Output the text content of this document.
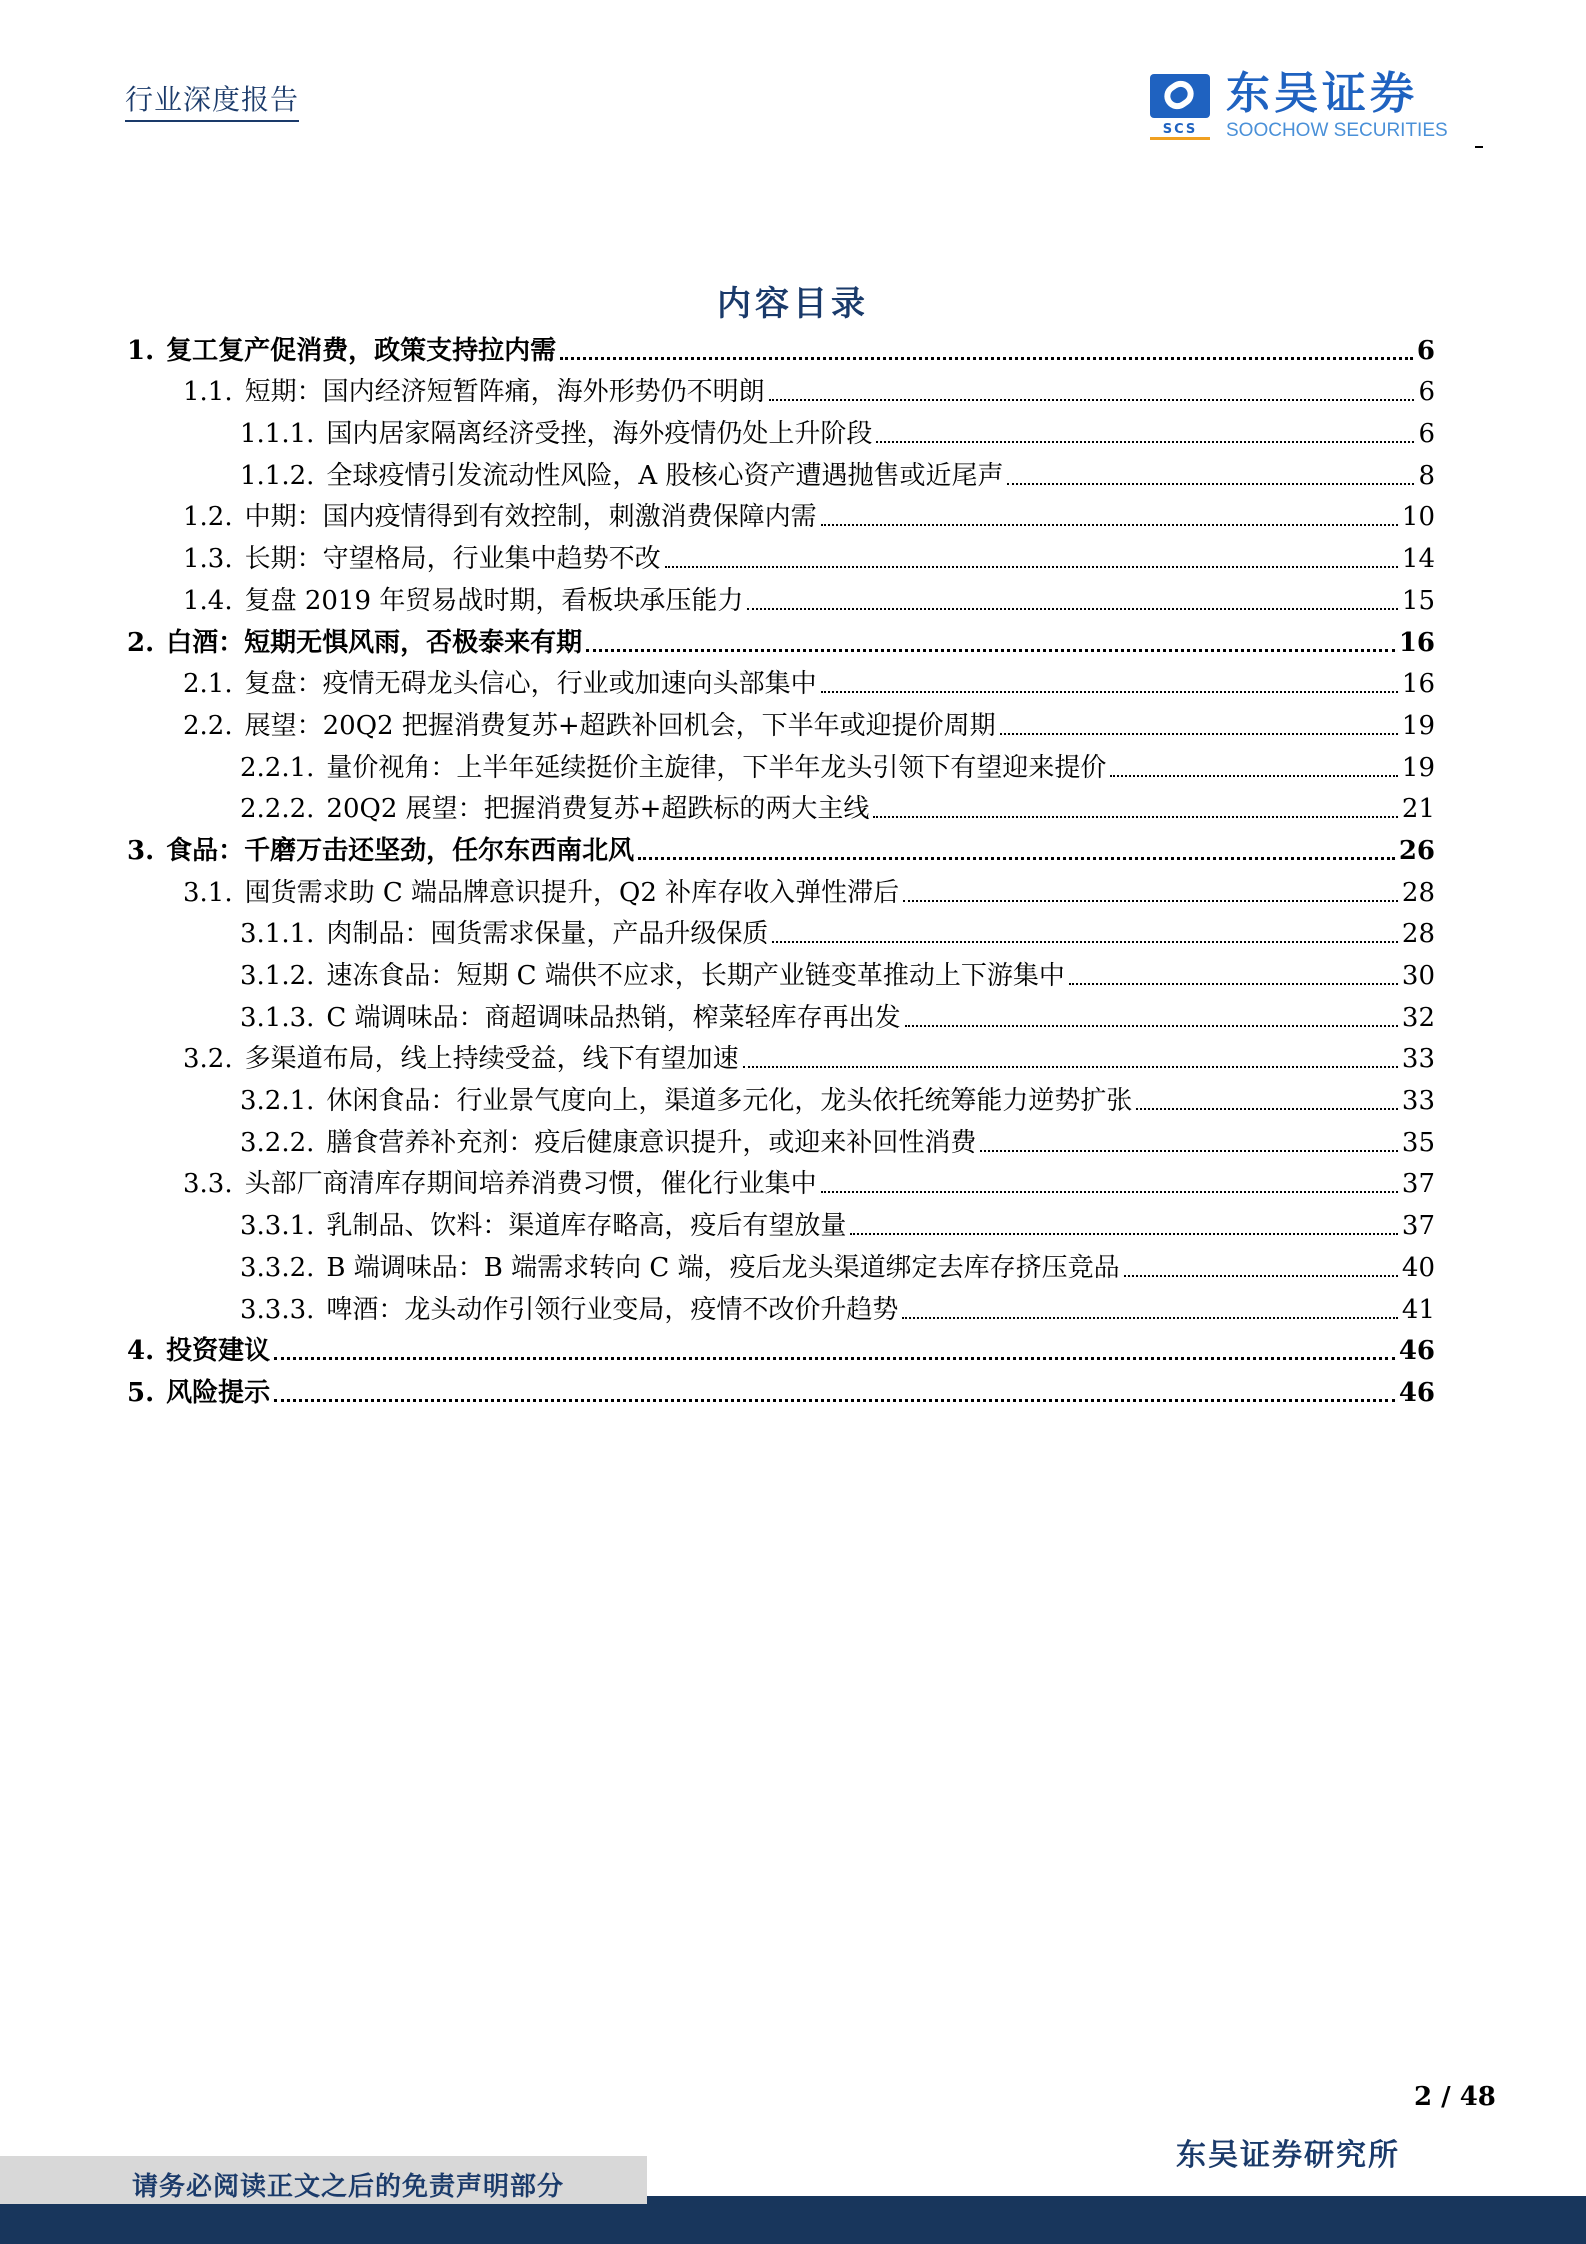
行业深度报告
SCS
东吴证券
SOOCHOW SECURITIES
内容目录
1. 复工复产促消费，政策支持拉内需	6
1.1. 短期：国内经济短暂阵痛，海外形势仍不明朗	6
1.1.1. 国内居家隔离经济受挫，海外疫情仍处上升阶段	6
1.1.2. 全球疫情引发流动性风险，A 股核心资产遭遇抛售或近尾声	8
1.2. 中期：国内疫情得到有效控制，刺激消费保障内需	10
1.3. 长期：守望格局，行业集中趋势不改	14
1.4. 复盘 2019 年贸易战时期，看板块承压能力	15
2. 白酒：短期无惧风雨，否极泰来有期	16
2.1. 复盘：疫情无碍龙头信心，行业或加速向头部集中	16
2.2. 展望：20Q2 把握消费复苏+超跌补回机会，下半年或迎提价周期	19
2.2.1. 量价视角：上半年延续挺价主旋律，下半年龙头引领下有望迎来提价	19
2.2.2. 20Q2 展望：把握消费复苏+超跌标的两大主线	21
3. 食品：千磨万击还坚劲，任尔东西南北风	26
3.1. 囤货需求助 C 端品牌意识提升，Q2 补库存收入弹性滞后	28
3.1.1. 肉制品：囤货需求保量，产品升级保质	28
3.1.2. 速冻食品：短期 C 端供不应求，长期产业链变革推动上下游集中	30
3.1.3. C 端调味品：商超调味品热销，榨菜轻库存再出发	32
3.2. 多渠道布局，线上持续受益，线下有望加速	33
3.2.1. 休闲食品：行业景气度向上，渠道多元化，龙头依托统筹能力逆势扩张	33
3.2.2. 膳食营养补充剂：疫后健康意识提升，或迎来补回性消费	35
3.3. 头部厂商清库存期间培养消费习惯，催化行业集中	37
3.3.1. 乳制品、饮料：渠道库存略高，疫后有望放量	37
3.3.2. B 端调味品：B 端需求转向 C 端，疫后龙头渠道绑定去库存挤压竞品	40
3.3.3. 啤酒：龙头动作引领行业变局，疫情不改价升趋势	41
4. 投资建议	46
5. 风险提示	46
2 / 48
东吴证券研究所
请务必阅读正文之后的免责声明部分
